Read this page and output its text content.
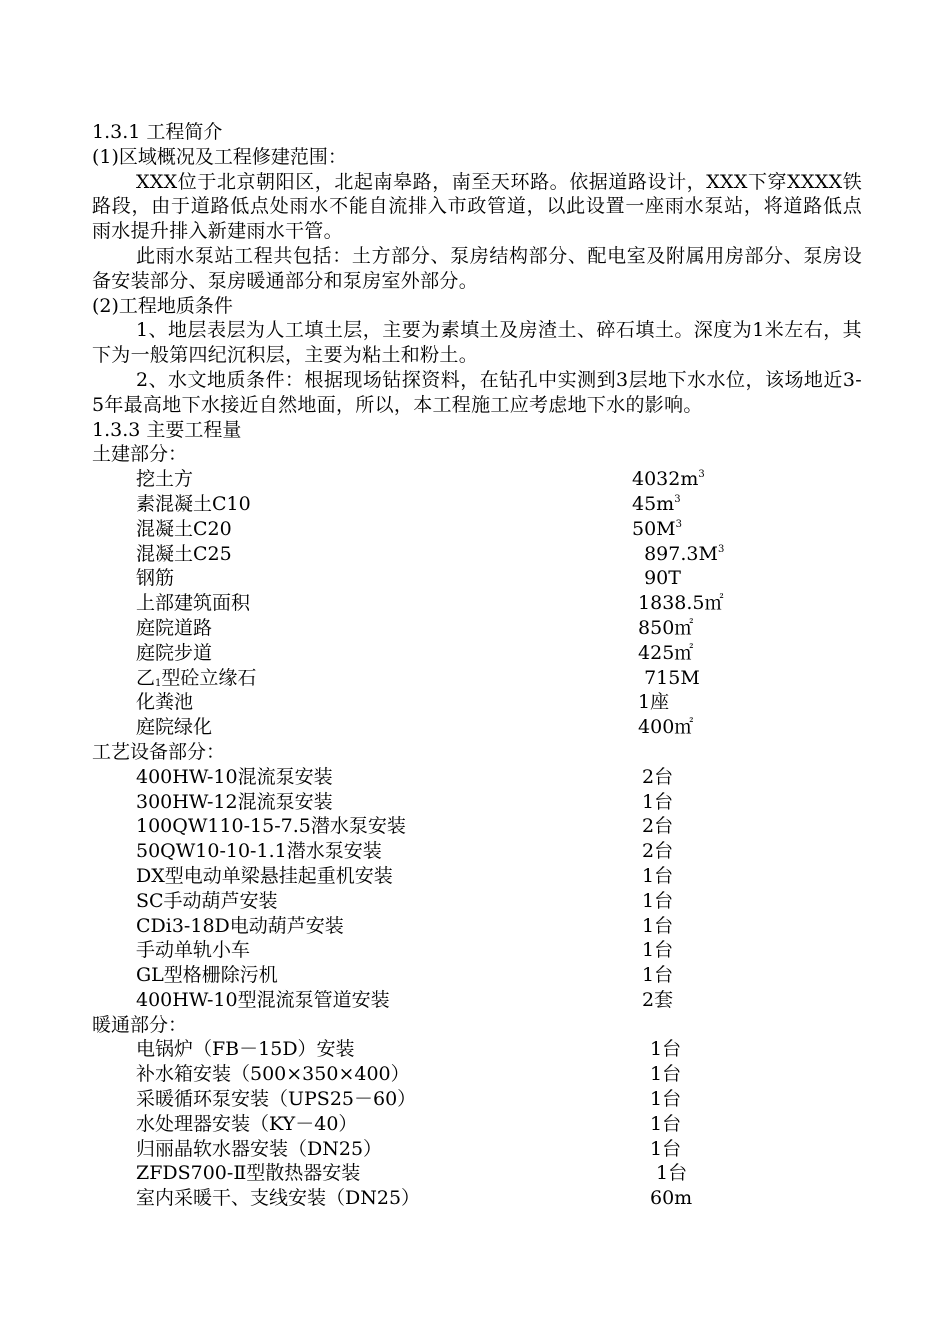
1.3.1 工程简介
(1)区域概况及工程修建范围：

XXX位于北京朝阳区，北起南皋路，南至天环路。依据道路设计，XXX下穿XXXX铁路段，由于道路低点处雨水不能自流排入市政管道，以此设置一座雨水泵站，将道路低点雨水提升排入新建雨水干管。

此雨水泵站工程共包括：土方部分、泵房结构部分、配电室及附属用房部分、泵房设备安装部分、泵房暖通部分和泵房室外部分。

(2)工程地质条件

1、地层表层为人工填土层，主要为素填土及房渣土、碎石填土。深度为1米左右，其下为一般第四纪沉积层，主要为粘土和粉土。

2、水文地质条件：根据现场钻探资料，在钻孔中实测到3层地下水水位，该场地近3-5年最高地下水接近自然地面，所以，本工程施工应考虑地下水的影响。

1.3.3 主要工程量
土建部分：
挖土方	$4032m^3$
素混凝土C10	$45m^3$
混凝土C20	$50M^3$
混凝土C25	$897.3M^3$
钢筋	90T
上部建筑面积	1838.5㎡
庭院道路	850㎡
庭院步道	425㎡
乙$_1$型砼立缘石	715M
化粪池	1座
庭院绿化	400㎡
工艺设备部分：
400HW-10混流泵安装	2台
300HW-12混流泵安装	1台
100QW110-15-7.5潜水泵安装	2台
50QW10-10-1.1潜水泵安装	2台
DX型电动单梁悬挂起重机安装	1台
SC手动葫芦安装	1台
CDi3-18D电动葫芦安装	1台
手动单轨小车	1台
GL型格栅除污机	1台
400HW-10型混流泵管道安装	2套
暖通部分：
电锅炉（FB－15D）安装	1台
补水箱安装（500×350×400）	1台
采暖循环泵安装（UPS25－60）	1台
水处理器安装（KY－40）	1台
归丽晶软水器安装（DN25）	1台
ZFDS700-Ⅱ型散热器安装	1台
室内采暖干、支线安装（DN25）	60m
